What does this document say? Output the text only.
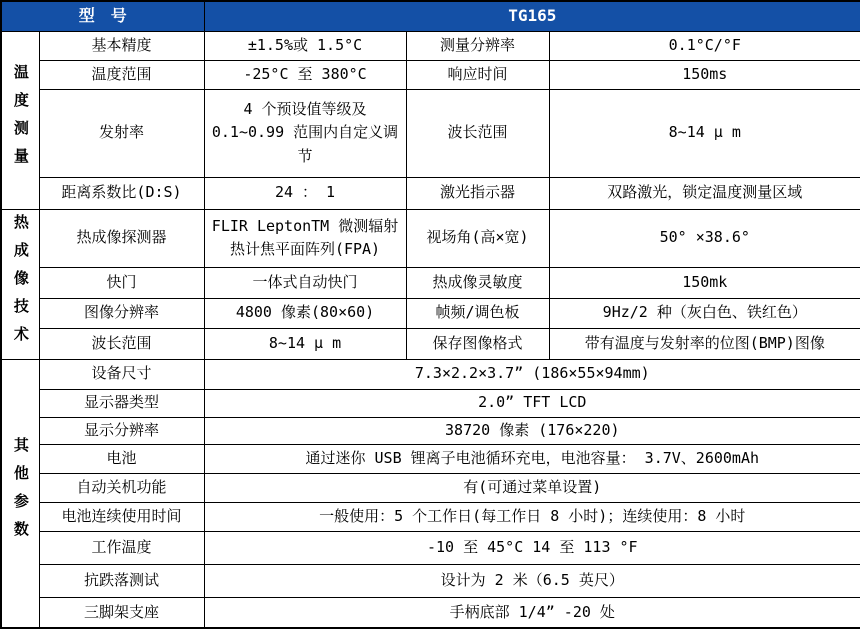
型　号		TG165		
温度测量	基本精度	±1.5%或 1.5°C	测量分辨率	0.1°C/°F
	温度范围	-25°C 至 380°C	响应时间	150ms
	发射率	4 个预设值等级及 0.1~0.99 范围内自定义调节	波长范围	8~14 μ m
	距离系数比(D:S)	24 ： 1	激光指示器	双路激光，锁定温度测量区域
热成像技术	热成像探测器	FLIR LeptonTM 微测辐射热计焦平面阵列(FPA)	视场角(高×宽)	50° ×38.6°
	快门	一体式自动快门	热成像灵敏度	150mk
	图像分辨率	4800 像素(80×60)	帧频/调色板	9Hz/2 种（灰白色、铁红色）
	波长范围	8~14 μ m	保存图像格式	带有温度与发射率的位图(BMP)图像
其他参数	设备尺寸	7.3×2.2×3.7” (186×55×94mm)		
	显示器类型	2.0” TFT LCD		
	显示分辨率	38720 像素 (176×220)		
	电池	通过迷你 USB 锂离子电池循环充电，电池容量： 3.7V、2600mAh		
	自动关机功能	有(可通过菜单设置)		
	电池连续使用时间	一般使用：5 个工作日(每工作日 8 小时)；连续使用：8 小时		
	工作温度	-10 至 45°C 14 至 113 °F		
	抗跌落测试	设计为 2 米（6.5 英尺）		
	三脚架支座	手柄底部 1/4” -20 处		
